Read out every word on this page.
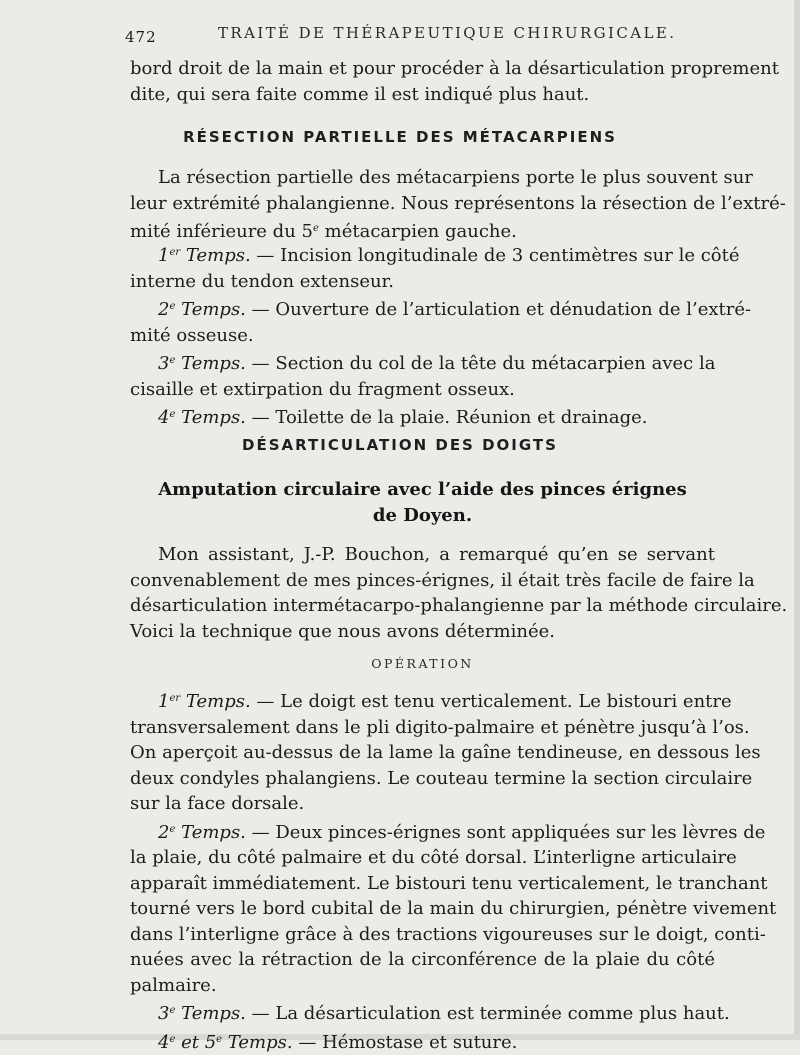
472	TRAITÉ DE THÉRAPEUTIQUE CHIRURGICALE.
bord droit de la main et pour procéder à la désarticulation proprement
dite, qui sera faite comme il est indiqué plus haut.
RÉSECTION PARTIELLE DES MÉTACARPIENS
La résection partielle des métacarpiens porte le plus souvent sur
leur extrémité phalangienne. Nous représentons la résection de l’extré-
mité inférieure du 5e métacarpien gauche.
1er Temps. — Incision longitudinale de 3 centimètres sur le côté
interne du tendon extenseur.
2e Temps. — Ouverture de l’articulation et dénudation de l’extré-
mité osseuse.
3e Temps. — Section du col de la tête du métacarpien avec la
cisaille et extirpation du fragment osseux.
4e Temps. — Toilette de la plaie. Réunion et drainage.
DÉSARTICULATION DES DOIGTS
Amputation circulaire avec l’aide des pinces érignes
de Doyen.
Mon assistant, J.-P. Bouchon, a remarqué qu’en se servant
convenablement de mes pinces-érignes, il était très facile de faire la
désarticulation intermétacarpo-phalangienne par la méthode circulaire.
Voici la technique que nous avons déterminée.
OPÉRATION
1er Temps. — Le doigt est tenu verticalement. Le bistouri entre
transversalement dans le pli digito-palmaire et pénètre jusqu’à l’os.
On aperçoit au-dessus de la lame la gaîne tendineuse, en dessous les
deux condyles phalangiens. Le couteau termine la section circulaire
sur la face dorsale.
2e Temps. — Deux pinces-érignes sont appliquées sur les lèvres de
la plaie, du côté palmaire et du côté dorsal. L’interligne articulaire
apparaît immédiatement. Le bistouri tenu verticalement, le tranchant
tourné vers le bord cubital de la main du chirurgien, pénètre vivement
dans l’interligne grâce à des tractions vigoureuses sur le doigt, conti-
nuées avec la rétraction de la circonférence de la plaie du côté
palmaire.
3e Temps. — La désarticulation est terminée comme plus haut.
4e et 5e Temps. — Hémostase et suture.
